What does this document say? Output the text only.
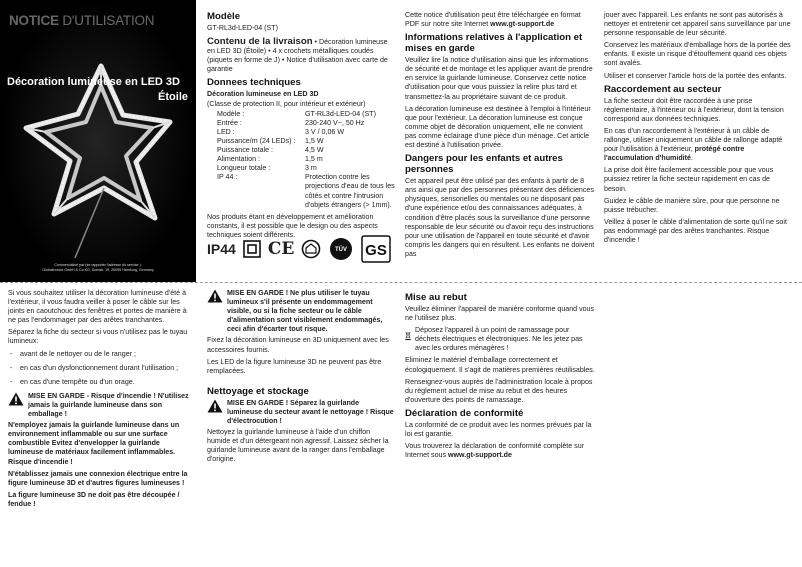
Décoration lumineuse en LED 3D
Étoile
Commercialisé par (se rapporter l'adresse du service ):
Globaltronics GmbH & Co.KG, Domstr. 19, 20095 Hamburg, Germany
Modèle

GT-RL3d-LED-04 (ST)

Contenu de la livraison • Décoration lumineuse en LED 3D (Étoile) • 4 x crochets métalliques coudés (piquets en forme de J) • Notice d'utilisation avec carte de garantie

Donnees techniques
Décoration lumineuse en LED 3D
(Classe de protection II, pour intérieur et extérieur)
Modèle :	GT-RL3d-LED-04 (ST)
Entrée :	230-240 V~, 50 Hz
LED :	3 V / 0,06 W
Puissance/m (24 LEDs) :	1,5 W
Puissance totale :	4,5 W
Alimentation :	1,5 m
Longueur totale :	3 m
IP 44 :	Protection contre les projections d'eau de tous les côtés et contre l'intrusion d'objets étrangers (> 1mm).

Nos produits étant en développement et amélioration constants, il est possible que le design ou des aspects techniques soient différents.

IP44 CE	TÜV GS

Cette notice d'utilisation peut être téléchargée en format PDF sur notre site Internet www.gt-support.de

Informations relatives à l'application et mises en garde

Veuillez lire la notice d'utilisation ainsi que les informations de sécurité et de montage et les appliquer avant de prendre en service la guirlande lumineuse. Conservez cette notice d'utilisation pour que vous puissiez la relire plus tard et transmettez-la au propriétaire suivant de ce produit.

La décoration lumineuse est destinée à l'emploi à l'intérieur que pour l'extérieur. La décoration lumineuse est conçue comme objet de décoration uniquement, elle ne convient pas comme éclairage d'une pièce d'un ménage. Cet article est destiné à l'utilisation privée.

Dangers pour les enfants et autres personnes

Cet appareil peut être utilisé par des enfants à partir de 8 ans ainsi que par des personnes présentant des déficiences physiques, sensorielles ou mentales ou ne disposant pas d'une expérience et/ou des connaissances adéquates, à condition d'être placés sous la surveillance d'une personne responsable de leur sécurité ou d'avoir reçu des instructions pour une utilisation de l'appareil en toute sécurité et d'avoir compris les dangers qui en résultent. Les enfants ne doivent pas

jouer avec l'appareil. Les enfants ne sont pas autorisés à nettoyer et entretenir cet appareil sans surveillance par une personne responsable de leur sécurité.

Conservez les matériaux d'emballage hors de la portée des enfants. Il existe un risque d'étouffement quand ces objets sont avalés.

Utiliser et conserver l'article hors de la portée des enfants.

Raccordement au secteur

La fiche secteur doit être raccordée à une prise réglementaire, à l'intérieur ou à l'extérieur, dont la tension correspond aux données techniques.

En cas d'un raccordement à l'extérieur à un câble de rallonge, utiliser uniquement un câble de rallonge adapté pour l'utilisation à l'extérieur, protégé contre l'accumulation d'humidité.

La prise doit être facilement accessible pour que vous puissiez retirer la fiche secteur rapidement en cas de besoin.

Guidez le câble de manière sûre, pour que personne ne puisse trébucher.

Veillez à poser le câble d'alimentation de sorte qu'il ne soit pas endommagé par des arêtes tranchantes. Risque d'incendie !

Si vous souhaitez utiliser la décoration lumineuse d'été à l'extérieur, il vous faudra veiller à poser le câble sur les joints en caoutchouc des fenêtres et portes de manière à ne pas l'endommager par des arêtes tranchantes.

Séparez la fiche du secteur si vous n'utilisez pas le tuyau lumineux:

- avant de le nettoyer ou de le ranger ;
- en cas d'un dysfonctionnement durant l'utilisation ;
- en cas d'une tempête ou d'un orage.
MISE EN GARDE - Risque d'incendie ! N'utilisez jamais la guirlande lumineuse dans son emballage !

N'employez jamais la guirlande lumineuse dans un environnement inflammable ou sur une surface combustible Evitez d'envelopper la guirlande lumineuse de matériaux facilement inflammables. Risque d'incendie !

N'établissez jamais une connexion électrique entre la figure lumineuse 3D et d'autres figures lumineuses !

La figure lumineuse 3D ne doit pas être découpée / fendue !

MISE EN GARDE ! Ne plus utiliser le tuyau lumineux s'il présente un endommagement visible, ou si la fiche secteur ou le câble d'alimentation sont visiblement endommagés, ceci afin d'écarter tout risque.

Fixez la décoration lumineuse en 3D uniquement avec les accessoires fournis.

Les LED de la figure lumineuse 3D ne peuvent pas être remplacées.

Nettoyage et stockage
MISE EN GARDE ! Séparez la guirlande lumineuse du secteur avant le nettoyage ! Risque d'électrocution !

Nettoyez la guirlande lumineuse à l'aide d'un chiffon humide et d'un détergeant non agressif. Laissez sécher la guirlande lumineuse avant de la ranger dans l'emballage d'origine.

Mise au rebut

Veuillez éliminer l'appareil de manière conforme quand vous ne l'utilisez plus.

Déposez l'appareil à un point de ramassage pour déchets électriques et électroniques. Ne les jetez pas avec les ordures ménagères !

Eliminez le matériel d'emballage correctement et écologiquement. Il s'agit de matières premières réutilisables.

Renseignez-vous auprès de l'administration locale à propos du règlement actuel de mise au rebut et des heures d'ouverture des points de ramassage.

Déclaration de conformité

La conformité de ce produit avec les normes prévues par la loi est garantie.

Vous trouverez la déclaration de conformité complète sur Internet sous www.gt-support.de
